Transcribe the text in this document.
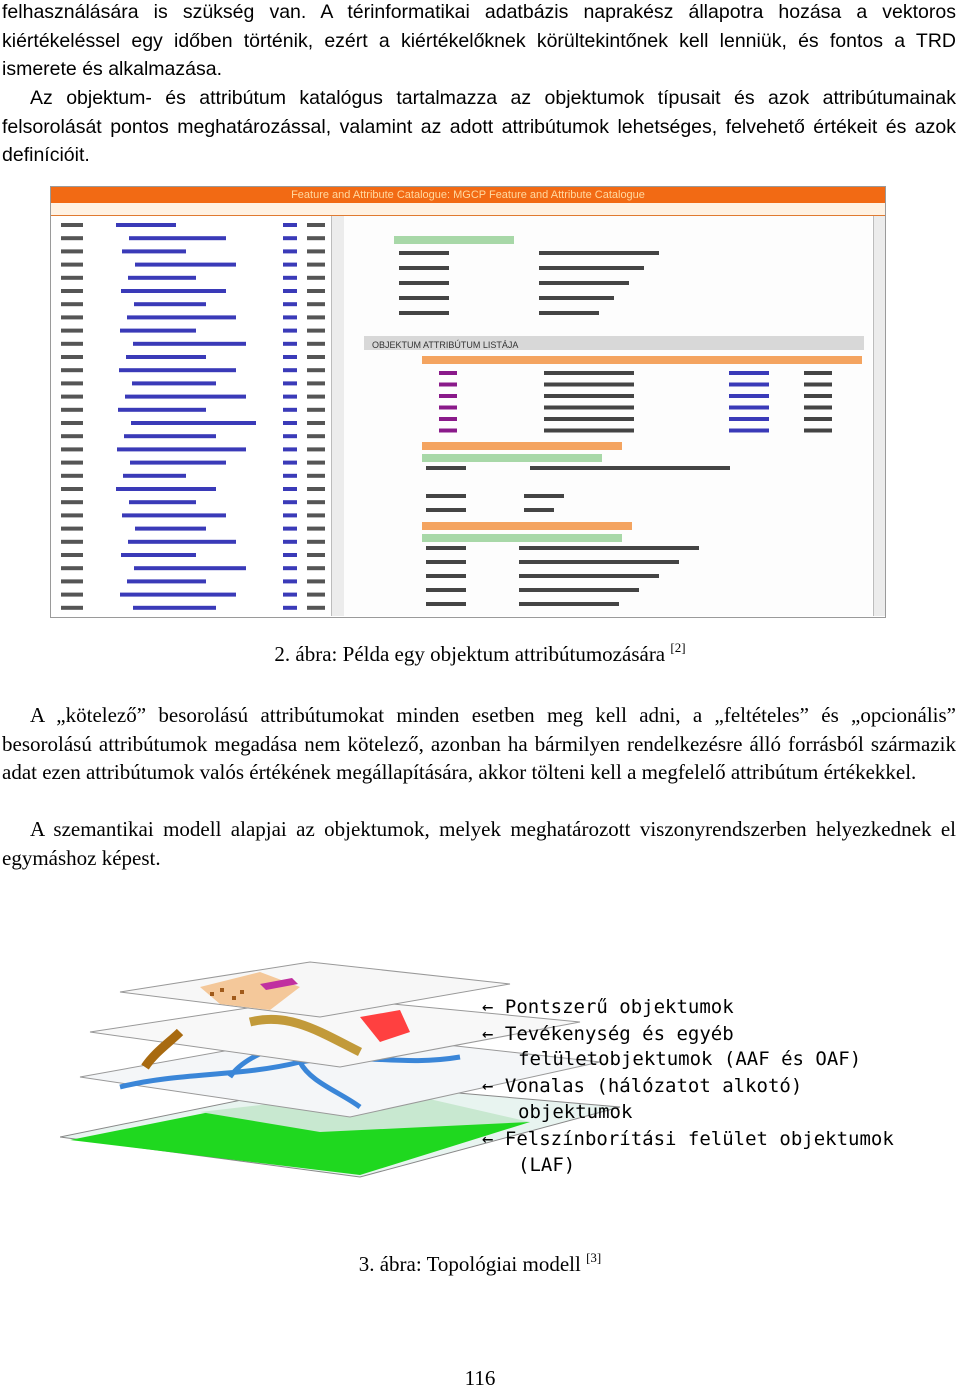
felhasználására is szükség van. A térinformatikai adatbázis naprakész állapotra hozása a vektoros kiértékeléssel egy időben történik, ezért a kiértékelőknek körültekintőnek kell lenniük, és fontos a TRD ismerete és alkalmazása.

Az objektum- és attribútum katalógus tartalmazza az objektumok típusait és azok attribútumainak felsorolását pontos meghatározással, valamint az adott attribútumok lehetséges, felvehető értékeit és azok definícióit.

Feature and Attribute Catalogue: MGCP Feature and Attribute Catalogue
OBJEKTUM ATTRIBÚTUM LISTÁJA
2. ábra: Példa egy objektum attribútumozására [2]

A „kötelező” besorolású attribútumokat minden esetben meg kell adni, a „feltételes” és „opcionális” besorolású attribútumok megadása nem kötelező, azonban ha bármilyen rendelkezésre álló forrásból származik adat ezen attribútumok valós értékének megállapítására, akkor tölteni kell a megfelelő attribútum értékekkel.

A szemantikai modell alapjai az objektumok, melyek meghatározott viszonyrendszerben helyezkednek el egymáshoz képest.

← Pontszerű objektumok
← Tevékenység és egyéb
felületobjektumok (AAF és OAF)
← Vonalas (hálózatot alkotó)
objektumok
← Felszínborítási felület objektumok
(LAF)
3. ábra: Topológiai modell [3]
116
